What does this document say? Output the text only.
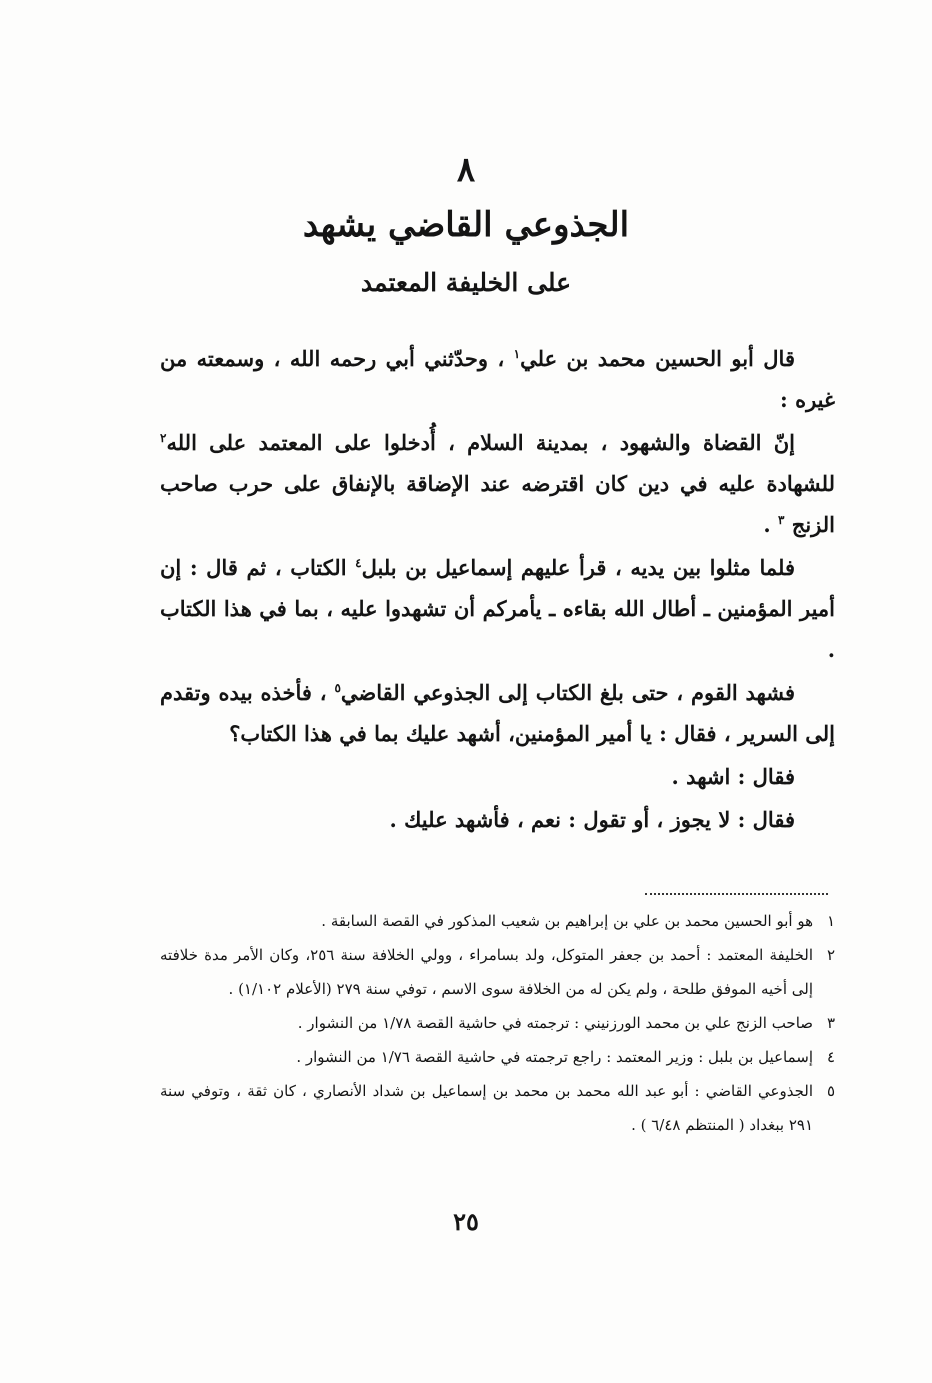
٨
الجذوعي القاضي يشهد
على الخليفة المعتمد

قال أبو الحسين محمد بن علي$^١$ ، وحدّثني أبي رحمه الله ، وسمعته من غيره :

إنّ القضاة والشهود ، بمدينة السلام ، أُدخلوا على المعتمد على الله$^٢$ للشهادة عليه في دين كان اقترضه عند الإضاقة بالإنفاق على حرب صاحب الزنج $^٣$ .

فلما مثلوا بين يديه ، قرأ عليهم إسماعيل بن بلبل$^٤$ الكتاب ، ثم قال : إن أمير المؤمنين ـ أطال الله بقاءه ـ يأمركم أن تشهدوا عليه ، بما في هذا الكتاب .

فشهد القوم ، حتى بلغ الكتاب إلى الجذوعي القاضي$^٥$ ، فأخذه بيده وتقدم إلى السرير ، فقال : يا أمير المؤمنين، أشهد عليك بما في هذا الكتاب؟

فقال : اشهد .

فقال : لا يجوز ، أو تقول : نعم ، فأشهد عليك .

١
هو أبو الحسين محمد بن علي بن إبراهيم بن شعيب المذكور في القصة السابقة .
٢
الخليفة المعتمد : أحمد بن جعفر المتوكل، ولد بسامراء ، وولي الخلافة سنة ٢٥٦، وكان الأمر مدة خلافته إلى أخيه الموفق طلحة ، ولم يكن له من الخلافة سوى الاسم ، توفي سنة ٢٧٩ (الأعلام ١/١٠٢) .
٣
صاحب الزنج علي بن محمد الورزنيني : ترجمته في حاشية القصة ١/٧٨ من النشوار .
٤
إسماعيل بن بلبل : وزير المعتمد : راجع ترجمته في حاشية القصة ١/٧٦ من النشوار .
٥
الجذوعي القاضي : أبو عبد الله محمد بن محمد بن إسماعيل بن شداد الأنصاري ، كان ثقة ، وتوفي سنة ٢٩١ ببغداد ( المنتظم ٦/٤٨ ) .
٢٥
